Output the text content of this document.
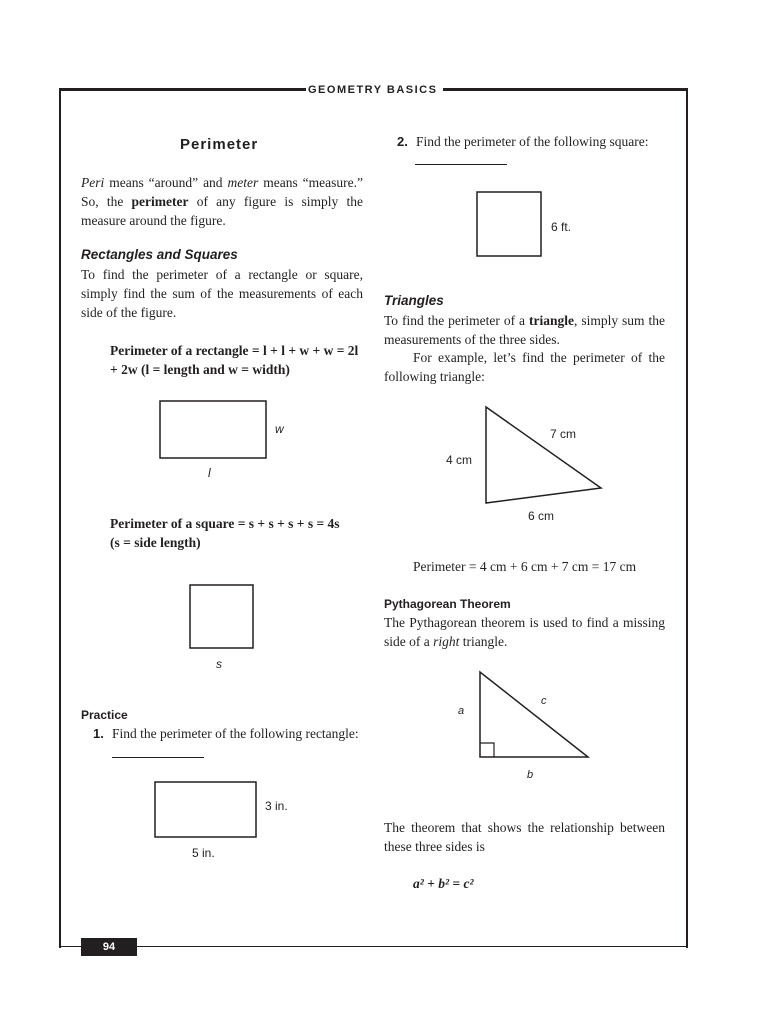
GEOMETRY BASICS
Perimeter
Peri means “around” and meter means “measure.” So, the perimeter of any figure is simply the measure around the figure.
Rectangles and Squares
To find the perimeter of a rectangle or square, simply find the sum of the measurements of each side of the figure.
Perimeter of a rectangle = l + l + w + w = 2l + 2w (l = length and w = width)
w
l
Perimeter of a square = s + s + s + s = 4s
(s = side length)
s
Practice
1. Find the perimeter of the following rectangle:
3 in.
5 in.
2. Find the perimeter of the following square:
6 ft.
Triangles
To find the perimeter of a triangle, simply sum the measurements of the three sides.
For example, let’s find the perimeter of the following triangle:
4 cm
7 cm
6 cm
Perimeter = 4 cm + 6 cm + 7 cm = 17 cm
Pythagorean Theorem
The Pythagorean theorem is used to find a missing side of a right triangle.
a
c
b
The theorem that shows the relationship between these three sides is
a² + b² = c²
94
